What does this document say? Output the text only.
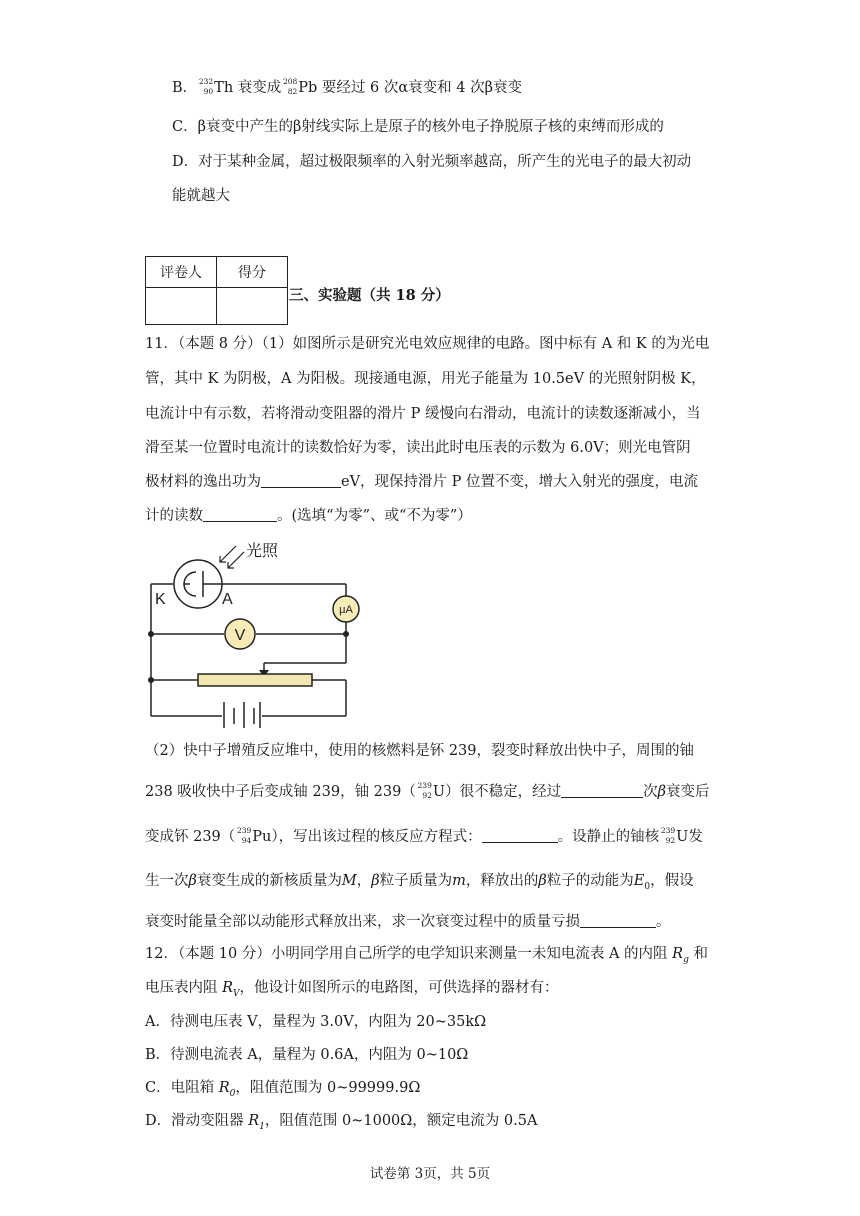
B． 232
90 Th 衰变成 208
82 Pb 要经过 6 次α衰变和 4 次β衰变
C．β衰变中产生的β射线实际上是原子的核外电子挣脱原子核的束缚而形成的
D．对于某种金属，超过极限频率的入射光频率越高，所产生的光电子的最大初动
能就越大
评卷人	得分

三、实验题（共 18 分）
11．（本题 8 分）（1）如图所示是研究光电效应规律的电路。图中标有 A 和 K 的为光电
管，其中 K 为阴极，A 为阳极。现接通电源，用光子能量为 10.5eV 的光照射阴极 K，
电流计中有示数，若将滑动变阻器的滑片 P 缓慢向右滑动，电流计的读数逐渐减小，当
滑至某一位置时电流计的读数恰好为零，读出此时电压表的示数为 6.0V；则光电管阴
极材料的逸出功为	eV，现保持滑片 P 位置不变，增大入射光的强度，电流
计的读数	。(选填“为零”、或“不为零”）
光照
K	A
μA
V
（2）快中子增殖反应堆中，使用的核燃料是钚 239，裂变时释放出快中子，周围的铀
238 吸收快中子后变成铀 239，铀 239（ 239
92 U）很不稳定，经过	次β衰变后
变成钚 239（ 239
94 Pu），写出该过程的核反应方程式：	。设静止的铀核 239
92 U发
生一次β衰变生成的新核质量为M，β粒子质量为m，释放出的β粒子的动能为$E_0$，假设
衰变时能量全部以动能形式释放出来，求一次衰变过程中的质量亏损	。
12．（本题 10 分）小明同学用自己所学的电学知识来测量一未知电流表 A 的内阻 $R_g$ 和
电压表内阻 $R_V$，他设计如图所示的电路图，可供选择的器材有：
A．待测电压表 V，量程为 3.0V，内阻为 20~35kΩ
B．待测电流表 A，量程为 0.6A，内阻为 0~10Ω
C．电阻箱 $R_0$，阻值范围为 0~99999.9Ω
D．滑动变阻器 $R_1$，阻值范围 0~1000Ω，额定电流为 0.5A
试卷第 3页，共 5页
